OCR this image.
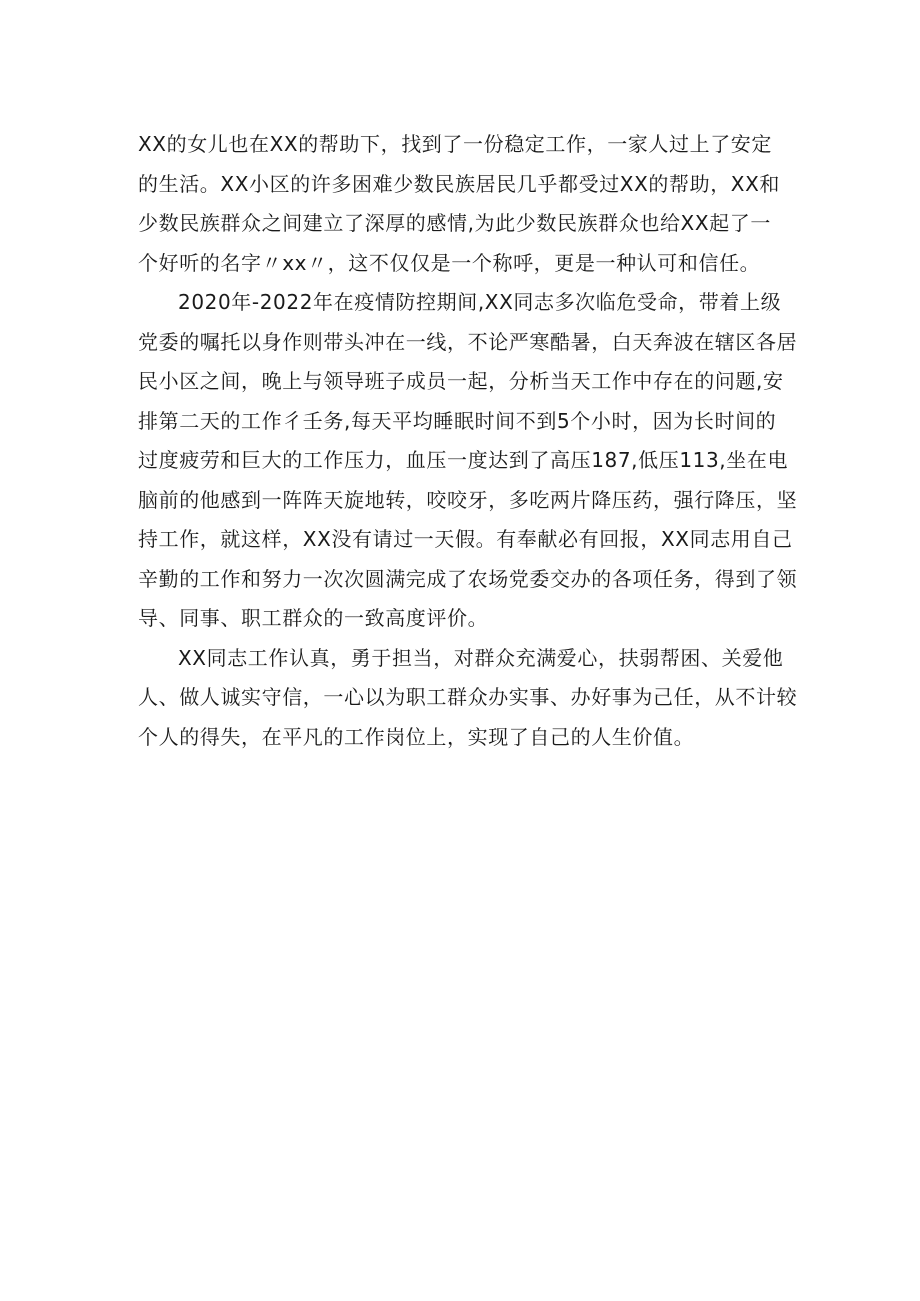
XX的女儿也在XX的帮助下，找到了一份稳定工作，一家人过上了安定
的生活。XX小区的许多困难少数民族居民几乎都受过XX的帮助，XX和
少数民族群众之间建立了深厚的感情,为此少数民族群众也给XX起了一
个好听的名字〃xx〃，这不仅仅是一个称呼，更是一种认可和信任。
2020年-2022年在疫情防控期间,XX同志多次临危受命，带着上级
党委的嘱托以身作则带头冲在一线，不论严寒酷暑，白天奔波在辖区各居
民小区之间，晚上与领导班子成员一起，分析当天工作中存在的问题,安
排第二天的工作彳壬务,每天平均睡眠时间不到5个小时，因为长时间的
过度疲劳和巨大的工作压力，血压一度达到了高压187,低压113,坐在电
脑前的他感到一阵阵天旋地转，咬咬牙，多吃两片降压药，强行降压，坚
持工作，就这样，XX没有请过一天假。有奉献必有回报，XX同志用自己
辛勤的工作和努力一次次圆满完成了农场党委交办的各项任务，得到了领
导、同事、职工群众的一致高度评价。
XX同志工作认真，勇于担当，对群众充满爱心，扶弱帮困、关爱他
人、做人诚实守信，一心以为职工群众办实事、办好事为己任，从不计较
个人的得失，在平凡的工作岗位上，实现了自己的人生价值。
